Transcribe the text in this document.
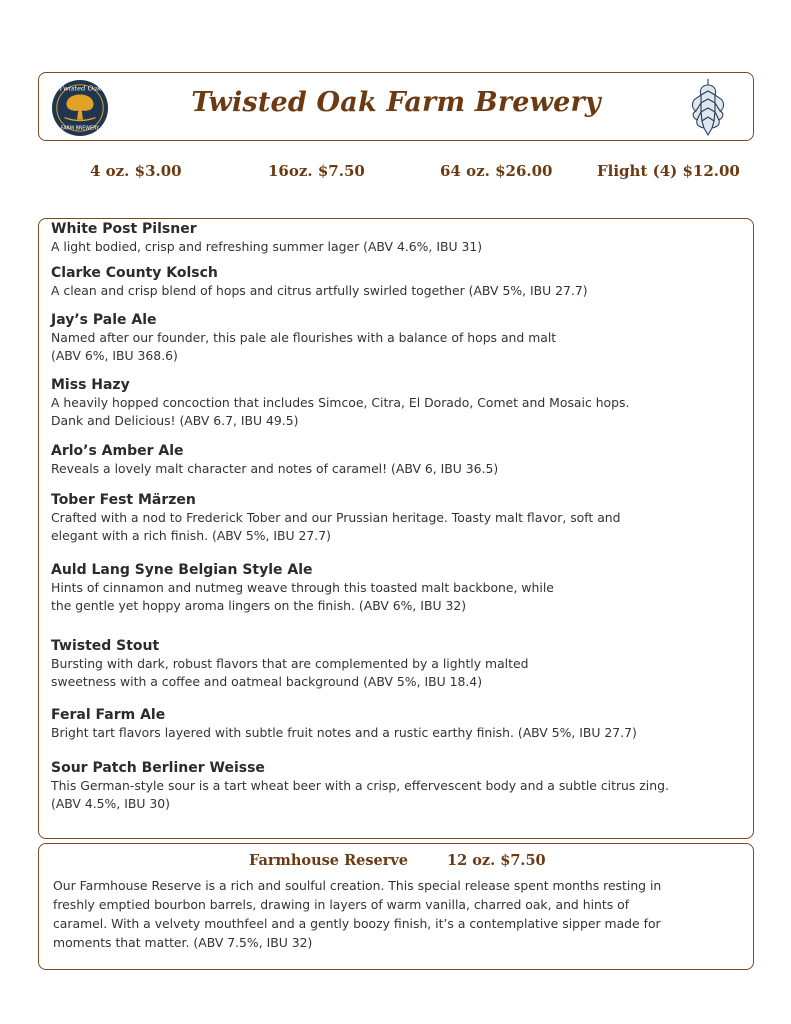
Twisted Oak
FARM BREWERY
Twisted Oak Farm Brewery
4 oz. $3.00	16oz. $7.50	64 oz. $26.00	Flight (4) $12.00
White Post Pilsner
A light bodied, crisp and refreshing summer lager (ABV 4.6%, IBU 31)
Clarke County Kolsch
A clean and crisp blend of hops and citrus artfully swirled together (ABV 5%, IBU 27.7)
Jay’s Pale Ale
Named after our founder, this pale ale flourishes with a balance of hops and malt
(ABV 6%, IBU 368.6)
Miss Hazy
A heavily hopped concoction that includes Simcoe, Citra, El Dorado, Comet and Mosaic hops.
Dank and Delicious! (ABV 6.7, IBU 49.5)
Arlo’s Amber Ale
Reveals a lovely malt character and notes of caramel! (ABV 6, IBU 36.5)
Tober Fest Märzen
Crafted with a nod to Frederick Tober and our Prussian heritage. Toasty malt flavor, soft and
elegant with a rich finish. (ABV 5%, IBU 27.7)
Auld Lang Syne Belgian Style Ale
Hints of cinnamon and nutmeg weave through this toasted malt backbone, while
the gentle yet hoppy aroma lingers on the finish. (ABV 6%, IBU 32)
Twisted Stout
Bursting with dark, robust flavors that are complemented by a lightly malted
sweetness with a coffee and oatmeal background (ABV 5%, IBU 18.4)
Feral Farm Ale
Bright tart flavors layered with subtle fruit notes and a rustic earthy finish. (ABV 5%, IBU 27.7)
Sour Patch Berliner Weisse
This German-style sour is a tart wheat beer with a crisp, effervescent body and a subtle citrus zing.
(ABV 4.5%, IBU 30)
Farmhouse Reserve	12 oz. $7.50
Our Farmhouse Reserve is a rich and soulful creation. This special release spent months resting in
freshly emptied bourbon barrels, drawing in layers of warm vanilla, charred oak, and hints of
caramel. With a velvety mouthfeel and a gently boozy finish, it’s a contemplative sipper made for
moments that matter. (ABV 7.5%, IBU 32)
